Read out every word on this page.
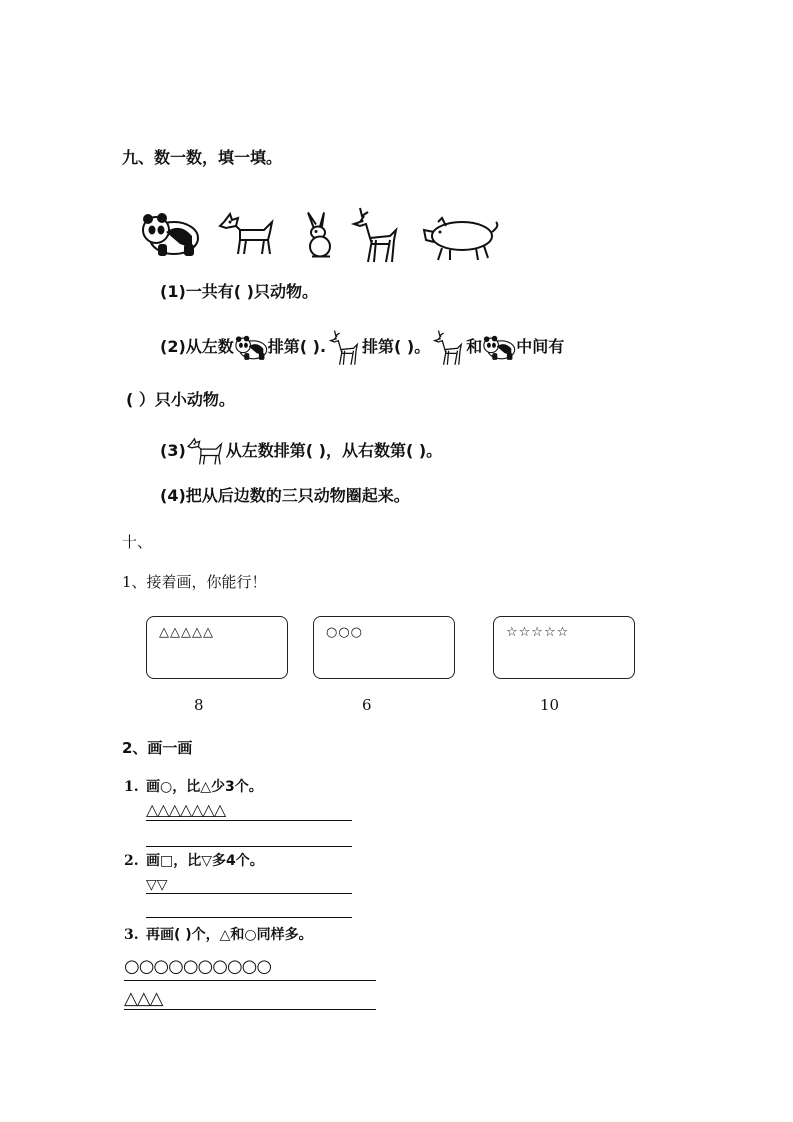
九、数一数，填一填。
(1)一共有( )只动物。
(2)从左数 排第( ). 排第( )。 和 中间有
( ）只小动物。
(3)	从左数排第( )，从右数第( )。
(4)把从后边数的三只动物圈起来。
十、
1、接着画，你能行！
△△△△△	○○○	☆☆☆☆☆
8	6	10
2、画一画
1. 画○，比△少3个。
△△△△△△△
2. 画□，比▽多4个。
▽▽
3. 再画( )个，△和○同样多。
○○○○○○○○○○
△△△
